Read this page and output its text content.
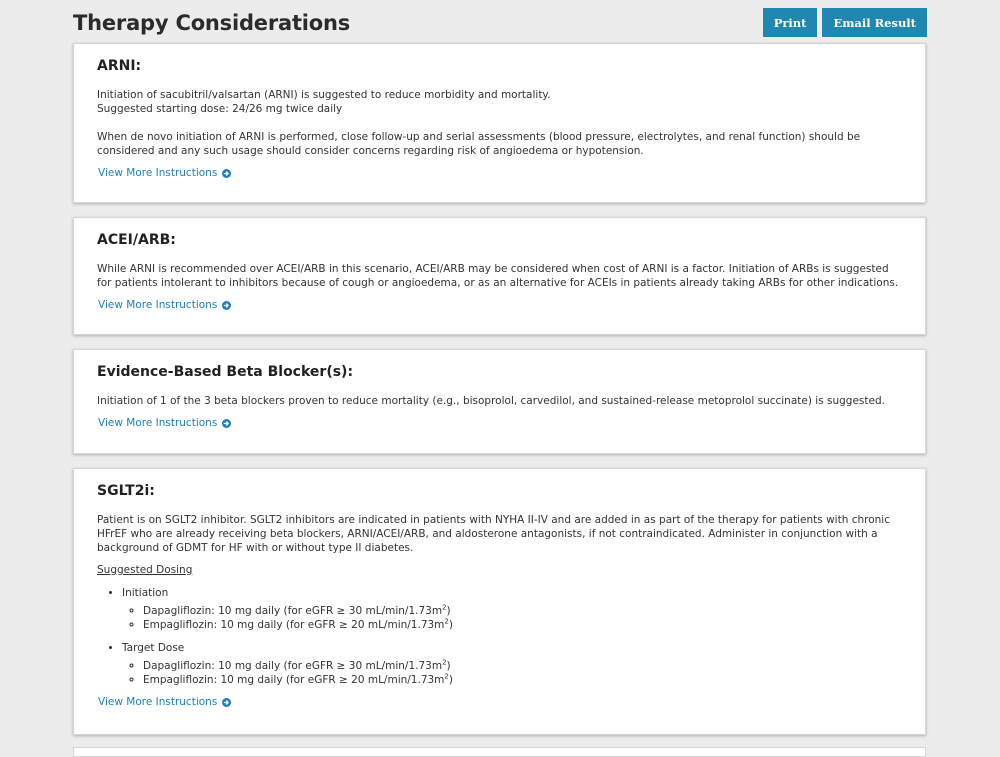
Therapy Considerations	Print	Email Result
ARNI:

Initiation of sacubitril/valsartan (ARNI) is suggested to reduce morbidity and mortality.
Suggested starting dose: 24/26 mg twice daily

When de novo initiation of ARNI is performed, close follow-up and serial assessments (blood pressure, electrolytes, and renal function) should be considered and any such usage should consider concerns regarding risk of angioedema or hypotension.

View More Instructions
ACEI/ARB:

While ARNI is recommended over ACEI/ARB in this scenario, ACEI/ARB may be considered when cost of ARNI is a factor. Initiation of ARBs is suggested for patients intolerant to inhibitors because of cough or angioedema, or as an alternative for ACEIs in patients already taking ARBs for other indications.

View More Instructions
Evidence-Based Beta Blocker(s):

Initiation of 1 of the 3 beta blockers proven to reduce mortality (e.g., bisoprolol, carvedilol, and sustained-release metoprolol succinate) is suggested.

View More Instructions
SGLT2i:

Patient is on SGLT2 inhibitor. SGLT2 inhibitors are indicated in patients with NYHA II-IV and are added in as part of the therapy for patients with chronic HFrEF who are already receiving beta blockers, ARNI/ACEI/ARB, and aldosterone antagonists, if not contraindicated. Administer in conjunction with a background of GDMT for HF with or without type II diabetes.

Suggested Dosing
• Initiation
◦ Dapagliflozin: 10 mg daily (for eGFR ≥ 30 $mL/\min/1.73m^2$)
◦ Empagliflozin: 10 mg daily (for eGFR ≥ 20 $mL/\min/1.73m^2$)
• Target Dose
◦ Dapagliflozin: 10 mg daily (for eGFR ≥ 30 $mL/\min/1.73m^2$)
◦ Empagliflozin: 10 mg daily (for eGFR ≥ 20 $mL/\min/1.73m^2$)
View More Instructions
